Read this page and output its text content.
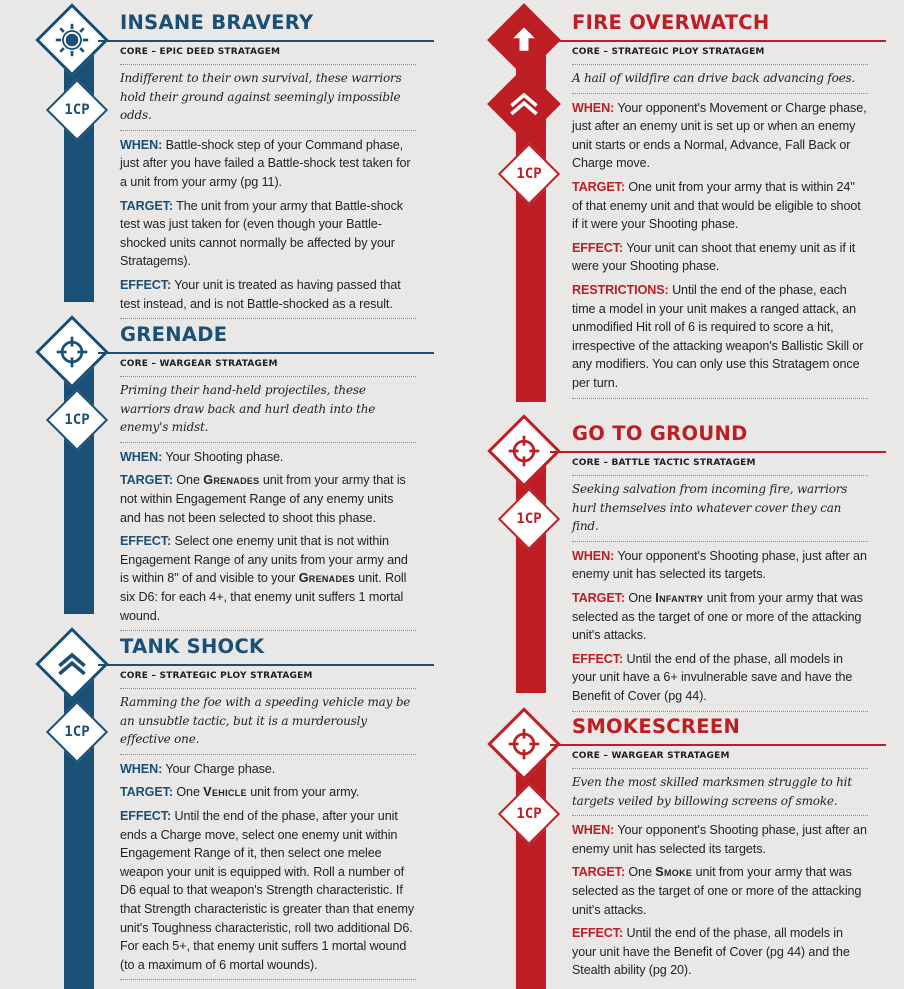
1CP
INSANE BRAVERY
CORE – EPIC DEED STRATAGEM

Indifferent to their own survival, these warriors hold their ground against seemingly impossible odds.

WHEN: Battle-shock step of your Command phase, just after you have failed a Battle-shock test taken for a unit from your army (pg 11).

TARGET: The unit from your army that Battle-shock test was just taken for (even though your Battle-shocked units cannot normally be affected by your Stratagems).

EFFECT: Your unit is treated as having passed that test instead, and is not Battle-shocked as a result.

1CP
GRENADE
CORE – WARGEAR STRATAGEM

Priming their hand-held projectiles, these warriors draw back and hurl death into the enemy's midst.

WHEN: Your Shooting phase.

TARGET: One Grenades unit from your army that is not within Engagement Range of any enemy units and has not been selected to shoot this phase.

EFFECT: Select one enemy unit that is not within Engagement Range of any units from your army and is within 8" of and visible to your Grenades unit. Roll six D6: for each 4+, that enemy unit suffers 1 mortal wound.

1CP
TANK SHOCK
CORE – STRATEGIC PLOY STRATAGEM

Ramming the foe with a speeding vehicle may be an unsubtle tactic, but it is a murderously effective one.

WHEN: Your Charge phase.

TARGET: One Vehicle unit from your army.

EFFECT: Until the end of the phase, after your unit ends a Charge move, select one enemy unit within Engagement Range of it, then select one melee weapon your unit is equipped with. Roll a number of D6 equal to that weapon's Strength characteristic. If that Strength characteristic is greater than that enemy unit's Toughness characteristic, roll two additional D6. For each 5+, that enemy unit suffers 1 mortal wound (to a maximum of 6 mortal wounds).

1CP
FIRE OVERWATCH
CORE – STRATEGIC PLOY STRATAGEM

A hail of wildfire can drive back advancing foes.

WHEN: Your opponent's Movement or Charge phase, just after an enemy unit is set up or when an enemy unit starts or ends a Normal, Advance, Fall Back or Charge move.

TARGET: One unit from your army that is within 24" of that enemy unit and that would be eligible to shoot if it were your Shooting phase.

EFFECT: Your unit can shoot that enemy unit as if it were your Shooting phase.

RESTRICTIONS: Until the end of the phase, each time a model in your unit makes a ranged attack, an unmodified Hit roll of 6 is required to score a hit, irrespective of the attacking weapon's Ballistic Skill or any modifiers. You can only use this Stratagem once per turn.

1CP
GO TO GROUND
CORE – BATTLE TACTIC STRATAGEM

Seeking salvation from incoming fire, warriors hurl themselves into whatever cover they can find.

WHEN: Your opponent's Shooting phase, just after an enemy unit has selected its targets.

TARGET: One Infantry unit from your army that was selected as the target of one or more of the attacking unit's attacks.

EFFECT: Until the end of the phase, all models in your unit have a 6+ invulnerable save and have the Benefit of Cover (pg 44).

1CP
SMOKESCREEN
CORE – WARGEAR STRATAGEM

Even the most skilled marksmen struggle to hit targets veiled by billowing screens of smoke.

WHEN: Your opponent's Shooting phase, just after an enemy unit has selected its targets.

TARGET: One Smoke unit from your army that was selected as the target of one or more of the attacking unit's attacks.

EFFECT: Until the end of the phase, all models in your unit have the Benefit of Cover (pg 44) and the Stealth ability (pg 20).
